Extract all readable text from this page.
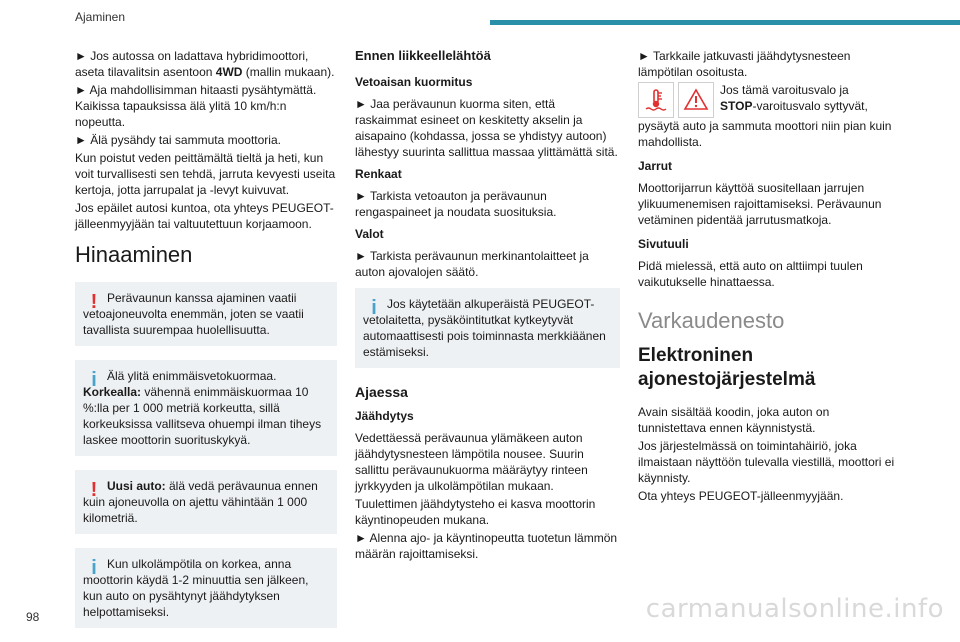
Ajaminen

► Jos autossa on ladattava hybridimoottori, aseta tilavalitsin asentoon 4WD (mallin mukaan).

► Aja mahdollisimman hitaasti pysähtymättä. Kaikissa tapauksissa älä ylitä 10 km/h:n nopeutta.

► Älä pysähdy tai sammuta moottoria.

Kun poistut veden peittämältä tieltä ja heti, kun voit turvallisesti sen tehdä, jarruta kevyesti useita kertoja, jotta jarrupalat ja -levyt kuivuvat.

Jos epäilet autosi kuntoa, ota yhteys PEUGEOT-jälleenmyyjään tai valtuutettuun korjaamoon.

Hinaaminen
! Perävaunun kanssa ajaminen vaatii vetoajoneuvolta enemmän, joten se vaatii tavallista suurempaa huolellisuutta.
i Älä ylitä enimmäisvetokuormaa.
Korkealla: vähennä enimmäiskuormaa 10 %:lla per 1 000 metriä korkeutta, sillä korkeuksissa vallitseva ohuempi ilman tiheys laskee moottorin suorituskykyä.
! Uusi auto: älä vedä perävaunua ennen kuin ajoneuvolla on ajettu vähintään 1 000 kilometriä.
i Kun ulkolämpötila on korkea, anna moottorin käydä 1-2 minuuttia sen jälkeen, kun auto on pysähtynyt jäähdytyksen helpottamiseksi.
Ennen liikkeellelähtöä
Vetoaisan kuormitus

► Jaa perävaunun kuorma siten, että raskaimmat esineet on keskitetty akselin ja aisapaino (kohdassa, jossa se yhdistyy autoon) lähestyy suurinta sallittua massaa ylittämättä sitä.

Renkaat

► Tarkista vetoauton ja perävaunun rengaspaineet ja noudata suosituksia.

Valot

► Tarkista perävaunun merkinantolaitteet ja auton ajovalojen säätö.

i Jos käytetään alkuperäistä PEUGEOT-vetolaitetta, pysäköintitutkat kytkeytyvät automaattisesti pois toiminnasta merkkiäänen estämiseksi.
Ajaessa
Jäähdytys

Vedettäessä perävaunua ylämäkeen auton jäähdytysnesteen lämpötila nousee. Suurin sallittu perävaunukuorma määräytyy rinteen jyrkkyyden ja ulkolämpötilan mukaan.

Tuulettimen jäähdytysteho ei kasva moottorin käyntinopeuden mukana.

► Alenna ajo- ja käyntinopeutta tuotetun lämmön määrän rajoittamiseksi.

► Tarkkaile jatkuvasti jäähdytysnesteen lämpötilan osoitusta.

Jos tämä varoitusvalo ja
STOP-varoitusvalo syttyvät,

pysäytä auto ja sammuta moottori niin pian kuin mahdollista.

Jarrut

Moottorijarrun käyttöä suositellaan jarrujen ylikuumenemisen rajoittamiseksi. Perävaunun vetäminen pidentää jarrutusmatkoja.

Sivutuuli

Pidä mielessä, että auto on alttiimpi tuulen vaikutukselle hinattaessa.

Varkaudenesto
Elektroninen ajonestojärjestelmä

Avain sisältää koodin, joka auton on tunnistettava ennen käynnistystä.

Jos järjestelmässä on toimintahäiriö, joka ilmaistaan näyttöön tulevalla viestillä, moottori ei käynnisty.

Ota yhteys PEUGEOT-jälleenmyyjään.

98	carmanualsonline.info
